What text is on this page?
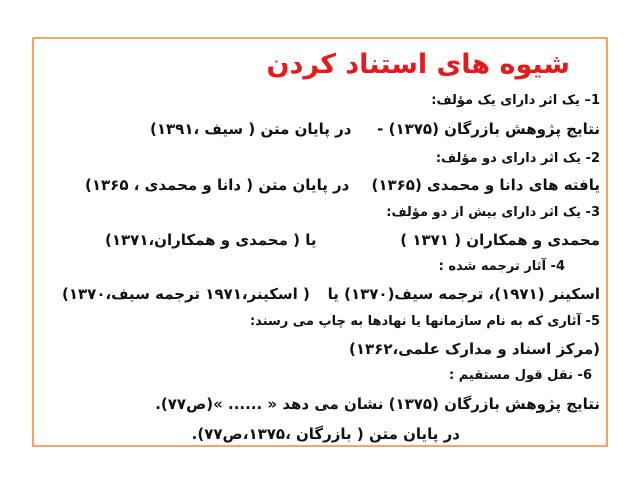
شیوه های استناد کردن
1– یک اثر دارای یک مؤلف:
نتایج پژوهش بازرگان (۱۳۷۵) -
در پایان متن ( سیف ،۱۳۹۱)
2- یک اثر دارای دو مؤلف:
یافته های دانا و محمدی (۱۳۶۵)
در پایان متن ( دانا و محمدی ، ۱۳۶۵)
3- یک اثر دارای بیش از دو مؤلف:
محمدی و همکاران ( ۱۳۷۱ )
یا ( محمدی و همکاران،۱۳۷۱)
4- آثار ترجمه شده :
اسکینر (۱۹۷۱)، ترجمه سیف(۱۳۷۰) یا
( اسکینر،۱۹۷۱ ترجمه سیف،۱۳۷۰)
5- آثاری که به نام سازمانها یا نهادها به چاپ می رسند:
(مرکز اسناد و مدارک علمی،۱۳۶۲)
6- نقل قول مستقیم :
نتایج پژوهش بازرگان (۱۳۷۵) نشان می دهد « ...... »(ص۷۷).
در پایان متن ( بازرگان ،۱۳۷۵،ص۷۷).
